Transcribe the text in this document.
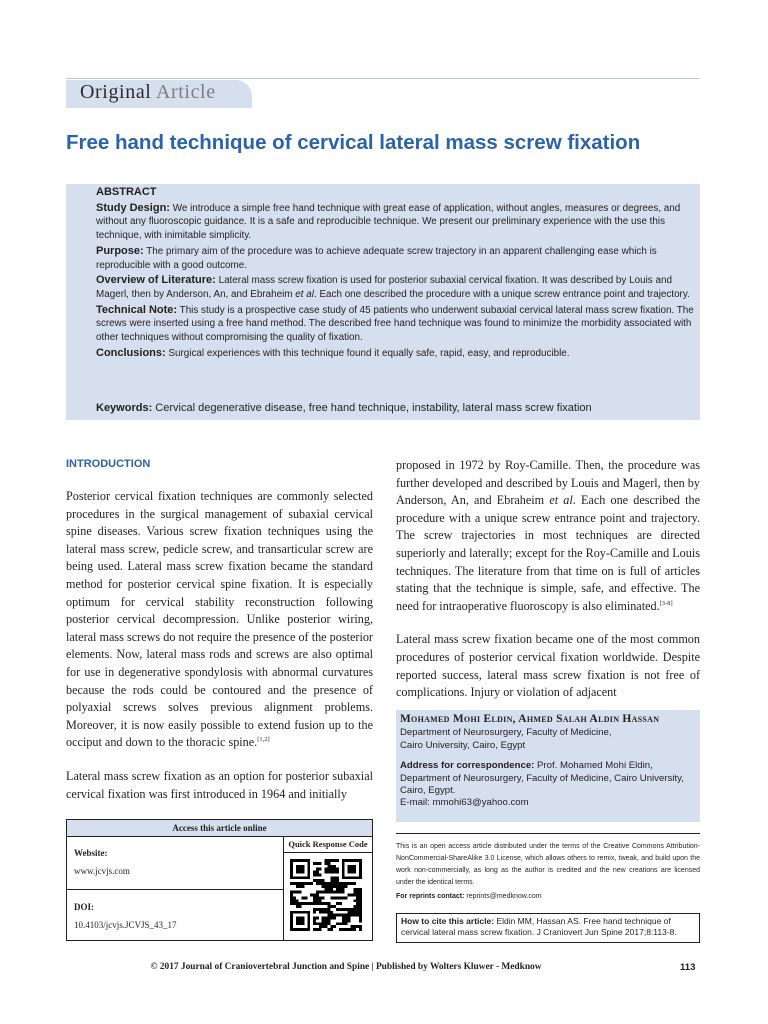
Original Article
Free hand technique of cervical lateral mass screw fixation
ABSTRACT

Study Design: We introduce a simple free hand technique with great ease of application, without angles, measures or degrees, and without any fluoroscopic guidance. It is a safe and reproducible technique. We present our preliminary experience with the use this technique, with inimitable simplicity.

Purpose: The primary aim of the procedure was to achieve adequate screw trajectory in an apparent challenging ease which is reproducible with a good outcome.

Overview of Literature: Lateral mass screw fixation is used for posterior subaxial cervical fixation. It was described by Louis and Magerl, then by Anderson, An, and Ebraheim et al. Each one described the procedure with a unique screw entrance point and trajectory.

Technical Note: This study is a prospective case study of 45 patients who underwent subaxial cervical lateral mass screw fixation. The screws were inserted using a free hand method. The described free hand technique was found to minimize the morbidity associated with other techniques without compromising the quality of fixation.

Conclusions: Surgical experiences with this technique found it equally safe, rapid, easy, and reproducible.

Keywords: Cervical degenerative disease, free hand technique, instability, lateral mass screw fixation
INTRODUCTION

Posterior cervical fixation techniques are commonly selected procedures in the surgical management of subaxial cervical spine diseases. Various screw fixation techniques using the lateral mass screw, pedicle screw, and transarticular screw are being used. Lateral mass screw fixation became the standard method for posterior cervical spine fixation. It is especially optimum for cervical stability reconstruction following posterior cervical decompression. Unlike posterior wiring, lateral mass screws do not require the presence of the posterior elements. Now, lateral mass rods and screws are also optimal for use in degenerative spondylosis with abnormal curvatures because the rods could be contoured and the presence of polyaxial screws solves previous alignment problems. Moreover, it is now easily possible to extend fusion up to the occiput and down to the thoracic spine.[1,2]

Lateral mass screw fixation as an option for posterior subaxial cervical fixation was first introduced in 1964 and initially

proposed in 1972 by Roy-Camille. Then, the procedure was further developed and described by Louis and Magerl, then by Anderson, An, and Ebraheim et al. Each one described the procedure with a unique screw entrance point and trajectory. The screw trajectories in most techniques are directed superiorly and laterally; except for the Roy-Camille and Louis techniques. The literature from that time on is full of articles stating that the technique is simple, safe, and effective. The need for intraoperative fluoroscopy is also eliminated.[3-8]

Lateral mass screw fixation became one of the most common procedures of posterior cervical fixation worldwide. Despite reported success, lateral mass screw fixation is not free of complications. Injury or violation of adjacent

Access this article online
Quick Response Code
Website:
www.jcvjs.com
DOI:
10.4103/jcvjs.JCVJS_43_17
Mohamed Mohi Eldin, Ahmed Salah Aldin Hassan
Department of Neurosurgery, Faculty of Medicine,
Cairo University, Cairo, Egypt
Address for correspondence: Prof. Mohamed Mohi Eldin,
Department of Neurosurgery, Faculty of Medicine, Cairo University,
Cairo, Egypt.
E-mail: mmohi63@yahoo.com
This is an open access article distributed under the terms of the Creative Commons Attribution-NonCommercial-ShareAlike 3.0 License, which allows others to remix, tweak, and build upon the work non-commercially, as long as the author is credited and the new creations are licensed under the identical terms.
For reprints contact: reprints@medknow.com
How to cite this article: Eldin MM, Hassan AS. Free hand technique of cervical lateral mass screw fixation. J Craniovert Jun Spine 2017;8:113-8.
© 2017 Journal of Craniovertebral Junction and Spine | Published by Wolters Kluwer - Medknow	113
